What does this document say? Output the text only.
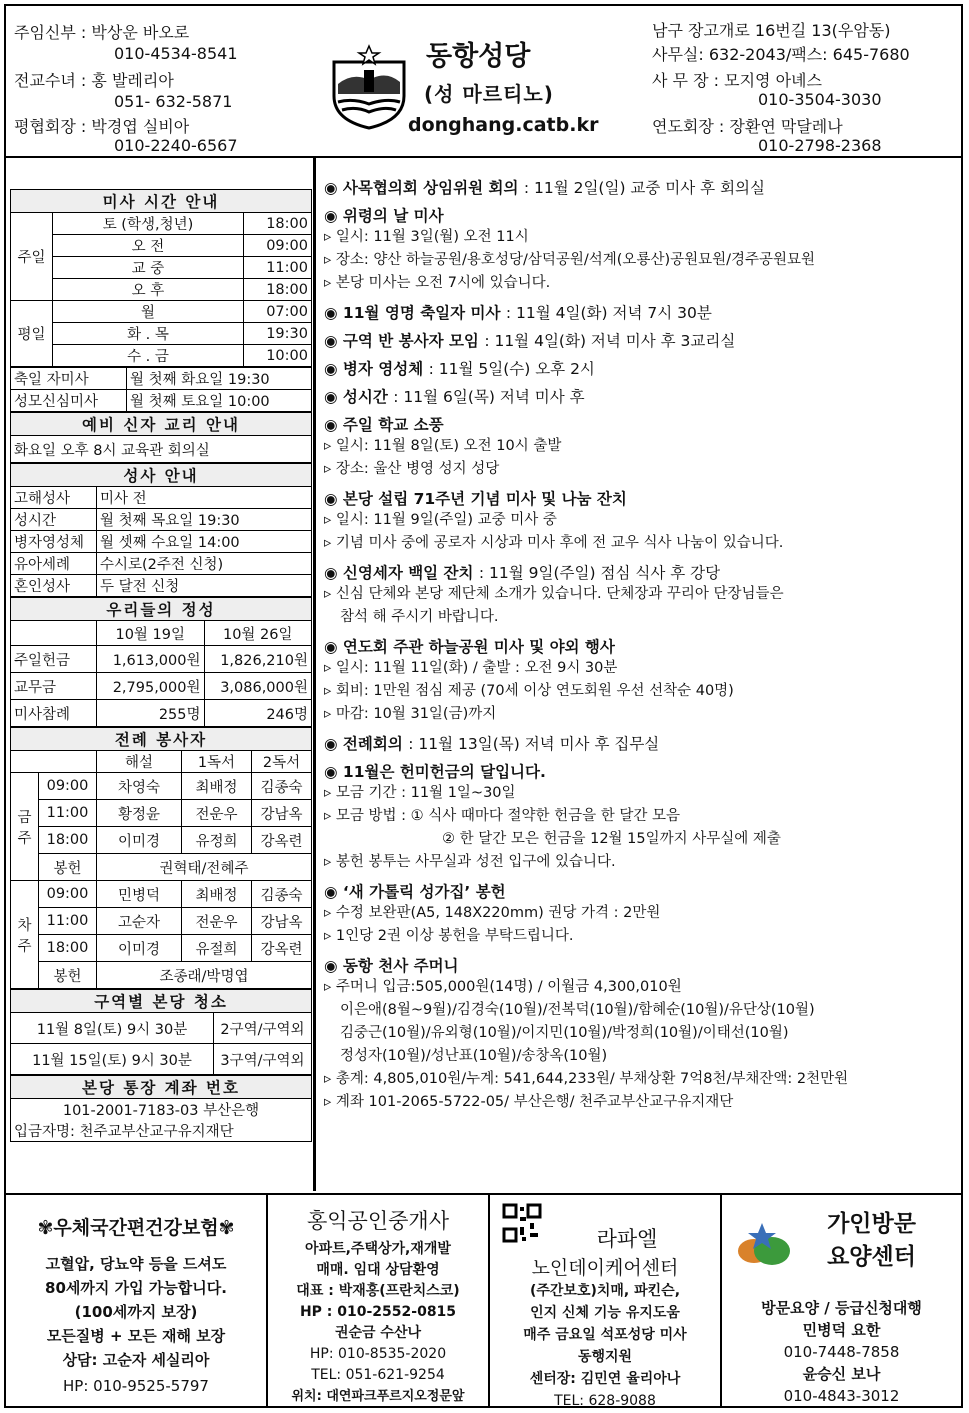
주임신부 : 박상운 바오로
010-4534-8541
전교수녀 : 홍 발레리아
051- 632-5871
평협회장 : 박경엽 실비아
010-2240-6567
동항성당
(성 마르티노)
donghang.catb.kr
남구 장고개로 16번길 13(우암동)
사무실: 632-2043/팩스: 645-7680
사 무 장 : 모지영 아녜스
010-3504-3030
연도회장 : 장환연 막달레나
010-2798-2368
미사 시간 안내		
주일	토 (학생,청년)	18:00
	오 전	09:00
	교 중	11:00
	오 후	18:00
평일	월	07:00
	화 . 목	19:30
	수 . 금	10:00
축일 자미사	월 첫째 화요일 19:30
성모신심미사	월 첫째 토요일 10:00
예비 신자 교리 안내
화요일 오후 8시 교육관 회의실
성사 안내	
고해성사	미사 전
성시간	월 첫째 목요일 19:30
병자영성체	월 셋째 수요일 14:00
유아세례	수시로(2주전 신청)
혼인성사	두 달전 신청
우리들의 정성		
	10월 19일	10월 26일
주일헌금	1,613,000원	1,826,210원
교무금	2,795,000원	3,086,000원
미사참례	255명	246명
전례 봉사자				
		해설	1독서	2독서
금주	09:00	차영숙	최배정	김종숙
	11:00	황정윤	전운우	강남옥
	18:00	이미경	유정희	강옥련
	봉헌	권혁태/전혜주		
차주	09:00	민병덕	최배정	김종숙
	11:00	고순자	전운우	강남옥
	18:00	이미경	유절희	강옥련
	봉헌	조종래/박명엽		
구역별 본당 청소	
11월 8일(토) 9시 30분	2구역/구역외
11월 15일(토) 9시 30분	3구역/구역외
본당 통장 계좌 번호
101-2001-7183-03 부산은행
입금자명: 천주교부산교구유지재단
◉ 사목협의회 상임위원 회의 : 11월 2일(일) 교중 미사 후 회의실
◉ 위령의 날 미사
▹ 일시: 11월 3일(월) 오전 11시
▹ 장소: 양산 하늘공원/용호성당/삼덕공원/석계(오룡산)공원묘원/경주공원묘원
▹ 본당 미사는 오전 7시에 있습니다.
◉ 11월 영명 축일자 미사 : 11월 4일(화) 저녁 7시 30분
◉ 구역 반 봉사자 모임 : 11월 4일(화) 저녁 미사 후 3교리실
◉ 병자 영성체 : 11월 5일(수) 오후 2시
◉ 성시간 : 11월 6일(목) 저녁 미사 후
◉ 주일 학교 소풍
▹ 일시: 11월 8일(토) 오전 10시 출발
▹ 장소: 울산 병영 성지 성당
◉ 본당 설립 71주년 기념 미사 및 나눔 잔치
▹ 일시: 11월 9일(주일) 교중 미사 중
▹ 기념 미사 중에 공로자 시상과 미사 후에 전 교우 식사 나눔이 있습니다.
◉ 신영세자 백일 잔치 : 11월 9일(주일) 점심 식사 후 강당
▹ 신심 단체와 본당 제단체 소개가 있습니다. 단체장과 꾸리아 단장님들은
참석 해 주시기 바랍니다.
◉ 연도회 주관 하늘공원 미사 및 야외 행사
▹ 일시: 11월 11일(화) / 출발 : 오전 9시 30분
▹ 회비: 1만원 점심 제공 (70세 이상 연도회원 우선 선착순 40명)
▹ 마감: 10월 31일(금)까지
◉ 전례회의 : 11월 13일(목) 저녁 미사 후 집무실
◉ 11월은 헌미헌금의 달입니다.
▹ 모금 기간 : 11월 1일~30일
▹ 모금 방법 : ① 식사 때마다 절약한 헌금을 한 달간 모음
② 한 달간 모은 헌금을 12월 15일까지 사무실에 제출
▹ 봉헌 봉투는 사무실과 성전 입구에 있습니다.
◉ ‘새 가톨릭 성가집’ 봉헌
▹ 수정 보완판(A5, 148X220mm) 권당 가격 : 2만원
▹ 1인당 2권 이상 봉헌을 부탁드립니다.
◉ 동항 천사 주머니
▹ 주머니 입금:505,000원(14명) / 이월금 4,300,010원
이은애(8월~9월)/김경숙(10월)/전복덕(10월)/함혜순(10월)/유단상(10월)
김중근(10월)/유외형(10월)/이지민(10월)/박정희(10월)/이태선(10월)
정성자(10월)/성난표(10월)/송창옥(10월)
▹ 총계: 4,805,010원/누계: 541,644,233원/ 부채상환 7억8천/부채잔액: 2천만원
▹ 계좌 101-2065-5722-05/ 부산은행/ 천주교부산교구유지재단
✾우체국간편건강보험✾
고혈압, 당뇨약 등을 드셔도
80세까지 가입 가능합니다.
(100세까지 보장)
모든질병 + 모든 재해 보장
상담: 고순자 세실리아
HP: 010-9525-5797
홍익공인중개사
아파트,주택상가,재개발
매매. 임대 상담환영
대표 : 박재홍(프란치스코)
HP : 010-2552-0815
권순금 수산나
HP: 010-8535-2020
TEL: 051-621-9254
위치: 대연파크푸르지오정문앞
라파엘
노인데이케어센터
(주간보호)치매, 파킨슨,
인지 신체 기능 유지도움
매주 금요일 석포성당 미사
동행지원
센터장: 김민연 율리아나
TEL: 628-9088
가인방문
요양센터
방문요양 / 등급신청대행
민병덕 요한
010-7448-7858
윤승신 보나
010-4843-3012
